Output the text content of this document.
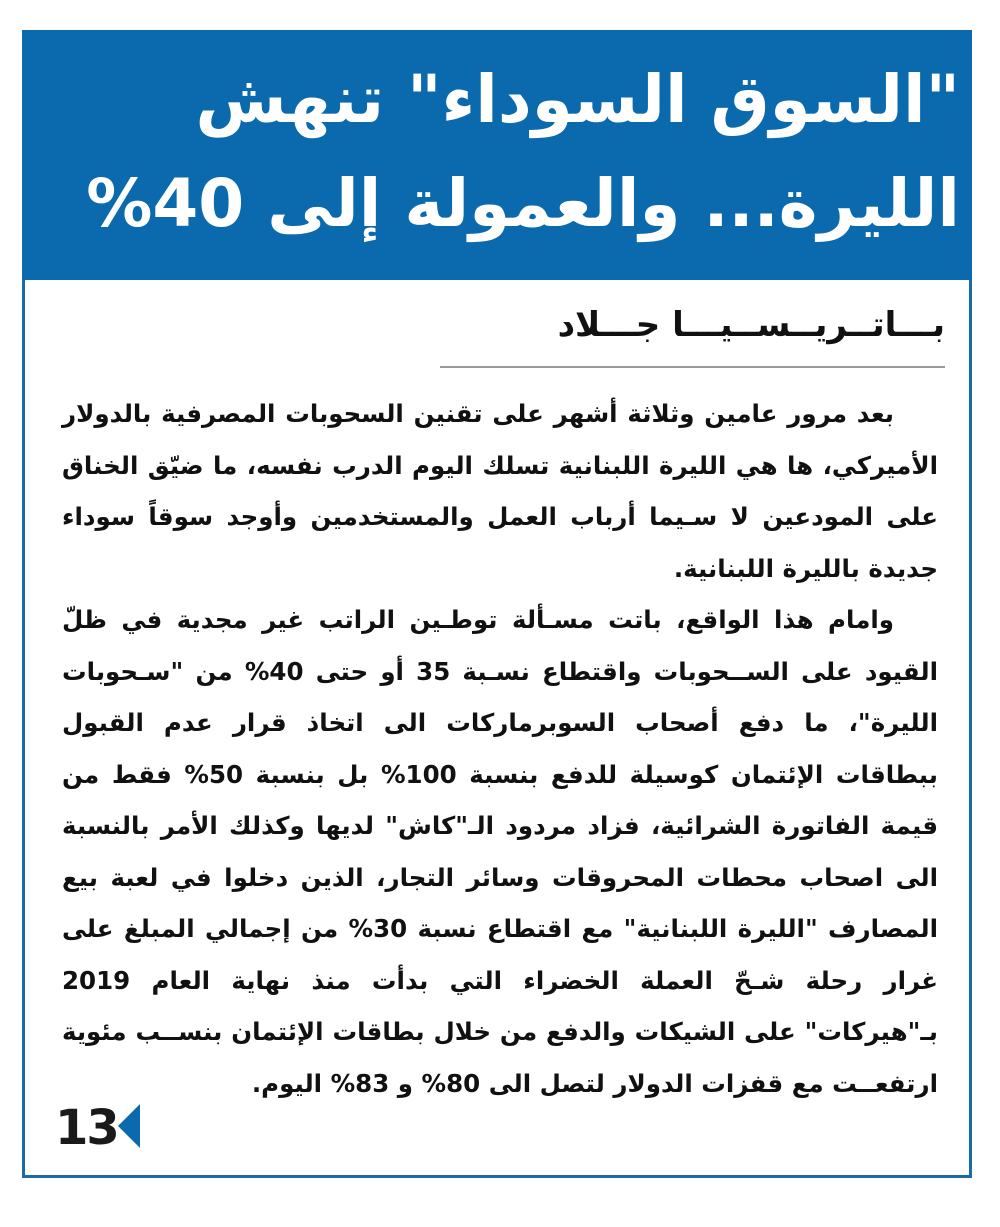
"السوق السوداء" تنهش الليرة... والعمولة إلى 40%
بـــاتــريــســيـــا جـــلاد

بعد مرور عامين وثلاثة أشهر على تقنين السحوبات المصرفية بالدولار الأميركي، ها هي الليرة اللبنانية تسلك اليوم الدرب نفسه، ما ضيّق الخناق على المودعين لا سـيما أرباب العمل والمستخدمين وأوجد سوقاً سوداء جديدة بالليرة اللبنانية.

وامام هذا الواقع، باتت مسـألة توطـين الراتب غير مجدية في ظلّ القيود على الســحوبات واقتطاع نسـبة 35 أو حتى 40% من "سـحوبات الليرة"، ما دفع أصحاب السوبرماركات الى اتخاذ قرار عدم القبول ببطاقات الإئتمان كوسيلة للدفع بنسبة 100% بل بنسبة 50% فقط من قيمة الفاتورة الشرائية، فزاد مردود الـ"كاش" لديها وكذلك الأمر بالنسبة الى اصحاب محطات المحروقات وسائر التجار، الذين دخلوا في لعبة بيع المصارف "الليرة اللبنانية" مع اقتطاع نسبة 30% من إجمالي المبلغ على غرار رحلة شـحّ العملة الخضراء التي بدأت منذ نهاية العام 2019 بـ"هيركات" على الشيكات والدفع من خلال بطاقات الإئتمان بنســب مئوية ارتفعــت مع قفزات الدولار لتصل الى 80% و 83% اليوم.

13
